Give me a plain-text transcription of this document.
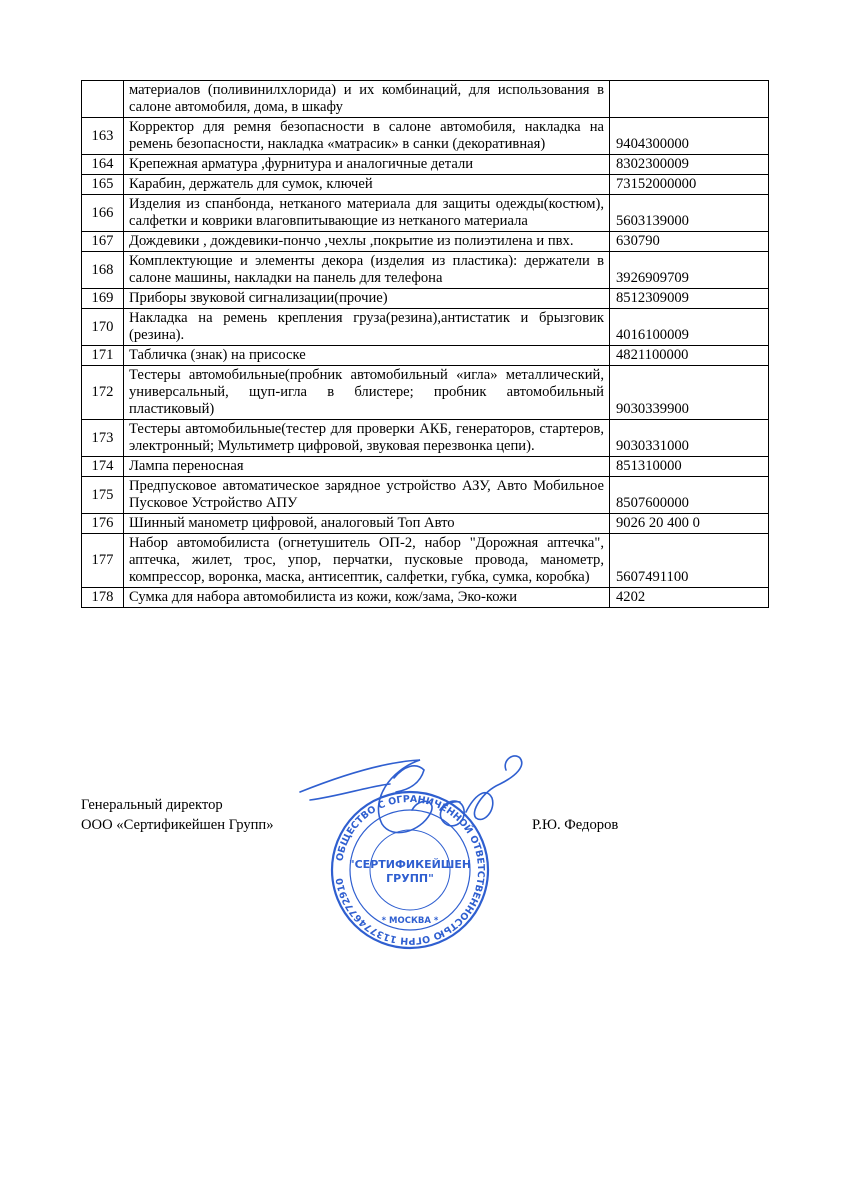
	материалов (поливинилхлорида) и их комбинаций, для использования в салоне автомобиля, дома, в шкафу	
163	Корректор для ремня безопасности в салоне автомобиля, накладка на ремень безопасности, накладка «матрасик» в санки (декоративная)	9404300000
164	Крепежная арматура ,фурнитура и аналогичные детали	8302300009
165	Карабин, держатель для сумок, ключей	73152000000
166	Изделия из спанбонда, нетканого материала для защиты одежды(костюм), салфетки и коврики влаговпитывающие из нетканого материала	5603139000
167	Дождевики , дождевики-пончо ,чехлы ,покрытие из полиэтилена и пвх.	630790
168	Комплектующие и элементы декора (изделия из пластика): держатели в салоне машины, накладки на панель для телефона	3926909709
169	Приборы звуковой сигнализации(прочие)	8512309009
170	Накладка на ремень крепления груза(резина),антистатик и брызговик (резина).	4016100009
171	Табличка (знак) на присоске	4821100000
172	Тестеры автомобильные(пробник автомобильный «игла» металлический, универсальный, щуп-игла в блистере; пробник автомобильный пластиковый)	9030339900
173	Тестеры автомобильные(тестер для проверки АКБ, генераторов, стартеров, электронный; Мультиметр цифровой, звуковая перезвонка цепи).	9030331000
174	Лампа переносная	851310000
175	Предпусковое автоматическое зарядное устройство АЗУ, Авто Мобильное Пусковое Устройство АПУ	8507600000
176	Шинный манометр цифровой, аналоговый Топ Авто	9026 20 400 0
177	Набор автомобилиста (огнетушитель ОП-2, набор "Дорожная аптечка", аптечка, жилет, трос, упор, перчатки, пусковые провода, манометр, компрессор, воронка, маска, антисептик, салфетки, губка, сумка, коробка)	5607491100
178	Сумка для набора автомобилиста из кожи, кож/зама, Эко-кожи	4202
Генеральный директор
ООО «Сертификейшен Групп»	Р.Ю. Федоров
ОБЩЕСТВО С ОГРАНИЧЕННОЙ ОТВЕТСТВЕННОСТЬЮ ОГРН 1137746772910
"СЕРТИФИКЕЙШЕН
ГРУПП"
* МОСКВА *
